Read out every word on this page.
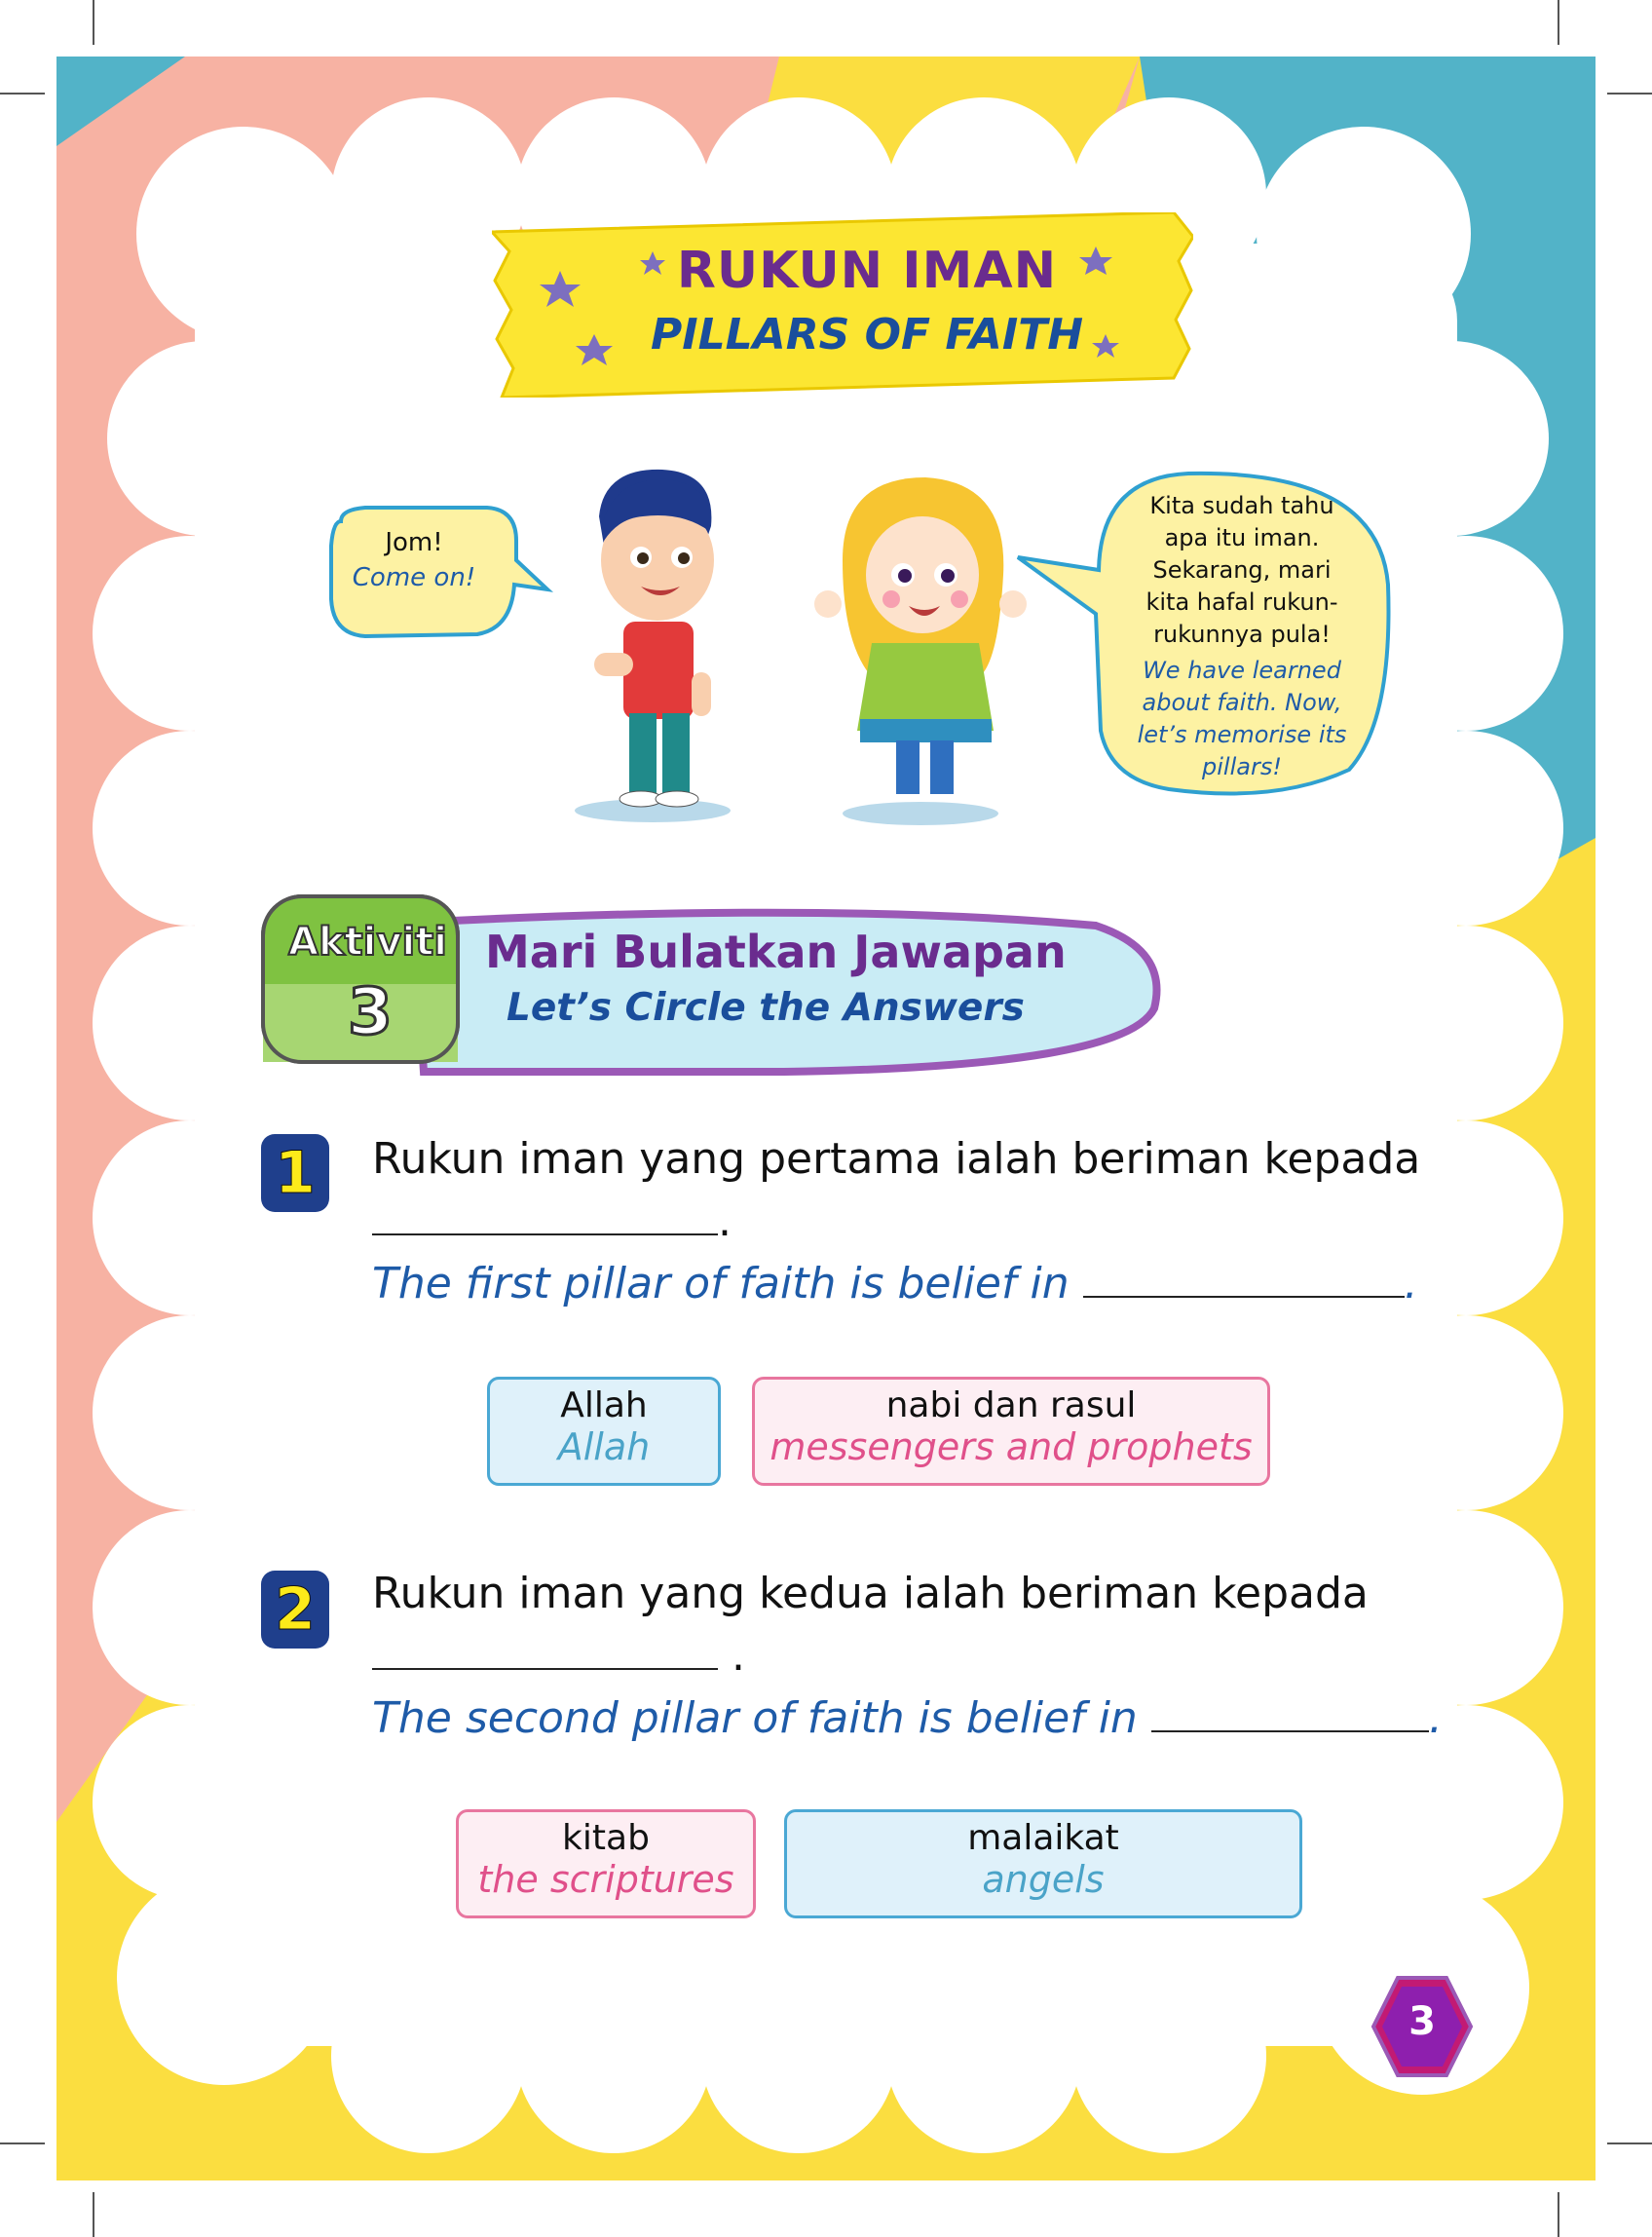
RUKUN IMAN
PILLARS OF FAITH
Jom!
Come on!
Kita sudah tahu
apa itu iman.
Sekarang, mari
kita hafal rukun-
rukunnya pula!
We have learned
about faith. Now,
let’s memorise its
pillars!
Aktiviti
3
Mari Bulatkan Jawapan
Let’s Circle the Answers
1	Rukun iman yang pertama ialah beriman kepada
.
The first pillar of faith is belief in	.
Allah
Allah
nabi dan rasul
messengers and prophets
2	Rukun iman yang kedua ialah beriman kepada
.
The second pillar of faith is belief in	.
kitab
the scriptures
malaikat
angels
3
